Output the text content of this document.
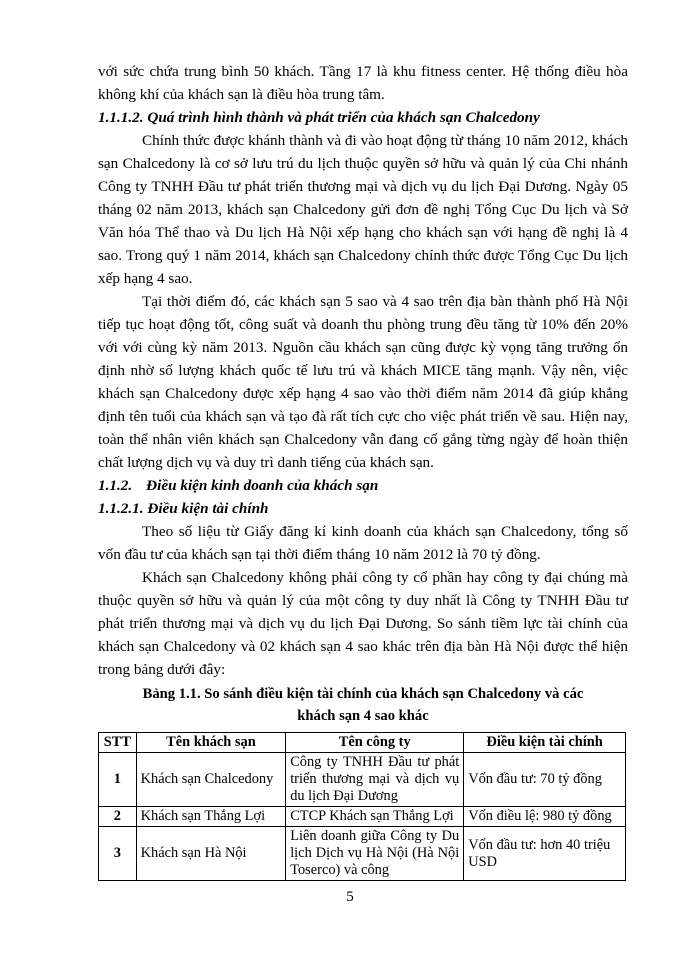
với sức chứa trung bình 50 khách. Tầng 17 là khu fitness center. Hệ thống điều hòa không khí của khách sạn là điều hòa trung tâm.

1.1.1.2. Quá trình hình thành và phát triển của khách sạn Chalcedony

Chính thức được khánh thành và đi vào hoạt động từ tháng 10 năm 2012, khách sạn Chalcedony là cơ sở lưu trú du lịch thuộc quyền sở hữu và quản lý của Chi nhánh Công ty TNHH Đầu tư phát triển thương mại và dịch vụ du lịch Đại Dương. Ngày 05 tháng 02 năm 2013, khách sạn Chalcedony gửi đơn đề nghị Tổng Cục Du lịch và Sở Văn hóa Thể thao và Du lịch Hà Nội xếp hạng cho khách sạn với hạng đề nghị là 4 sao. Trong quý 1 năm 2014, khách sạn Chalcedony chính thức được Tổng Cục Du lịch xếp hạng 4 sao.

Tại thời điểm đó, các khách sạn 5 sao và 4 sao trên địa bàn thành phố Hà Nội tiếp tục hoạt động tốt, công suất và doanh thu phòng trung đều tăng từ 10% đến 20% với với cùng kỳ năm 2013. Nguồn cầu khách sạn cũng được kỳ vọng tăng trưởng ổn định nhờ số lượng khách quốc tế lưu trú và khách MICE tăng mạnh. Vậy nên, việc khách sạn Chalcedony được xếp hạng 4 sao vào thời điểm năm 2014 đã giúp khẳng định tên tuổi của khách sạn và tạo đà rất tích cực cho việc phát triển về sau. Hiện nay, toàn thể nhân viên khách sạn Chalcedony vẫn đang cố gắng từng ngày để hoàn thiện chất lượng dịch vụ và duy trì danh tiếng của khách sạn.

1.1.2. Điều kiện kinh doanh của khách sạn
1.1.2.1. Điều kiện tài chính

Theo số liệu từ Giấy đăng kí kinh doanh của khách sạn Chalcedony, tổng số vốn đầu tư của khách sạn tại thời điểm tháng 10 năm 2012 là 70 tỷ đồng.

Khách sạn Chalcedony không phải công ty cổ phần hay công ty đại chúng mà thuộc quyền sở hữu và quản lý của một công ty duy nhất là Công ty TNHH Đầu tư phát triển thương mại và dịch vụ du lịch Đại Dương. So sánh tiềm lực tài chính của khách sạn Chalcedony và 02 khách sạn 4 sao khác trên địa bàn Hà Nội được thể hiện trong bảng dưới đây:

Bảng 1.1. So sánh điều kiện tài chính của khách sạn Chalcedony và các
khách sạn 4 sao khác
STT	Tên khách sạn	Tên công ty	Điều kiện tài chính
1	Khách sạn Chalcedony	Công ty TNHH Đầu tư phát triển thương mại và dịch vụ du lịch Đại Dương	Vốn đầu tư: 70 tỷ đồng
2	Khách sạn Thắng Lợi	CTCP Khách sạn Thắng Lợi	Vốn điều lệ: 980 tỷ đồng
3	Khách sạn Hà Nội	Liên doanh giữa Công ty Du lịch Dịch vụ Hà Nội (Hà Nội Toserco) và công	Vốn đầu tư: hơn 40 triệu USD
5
